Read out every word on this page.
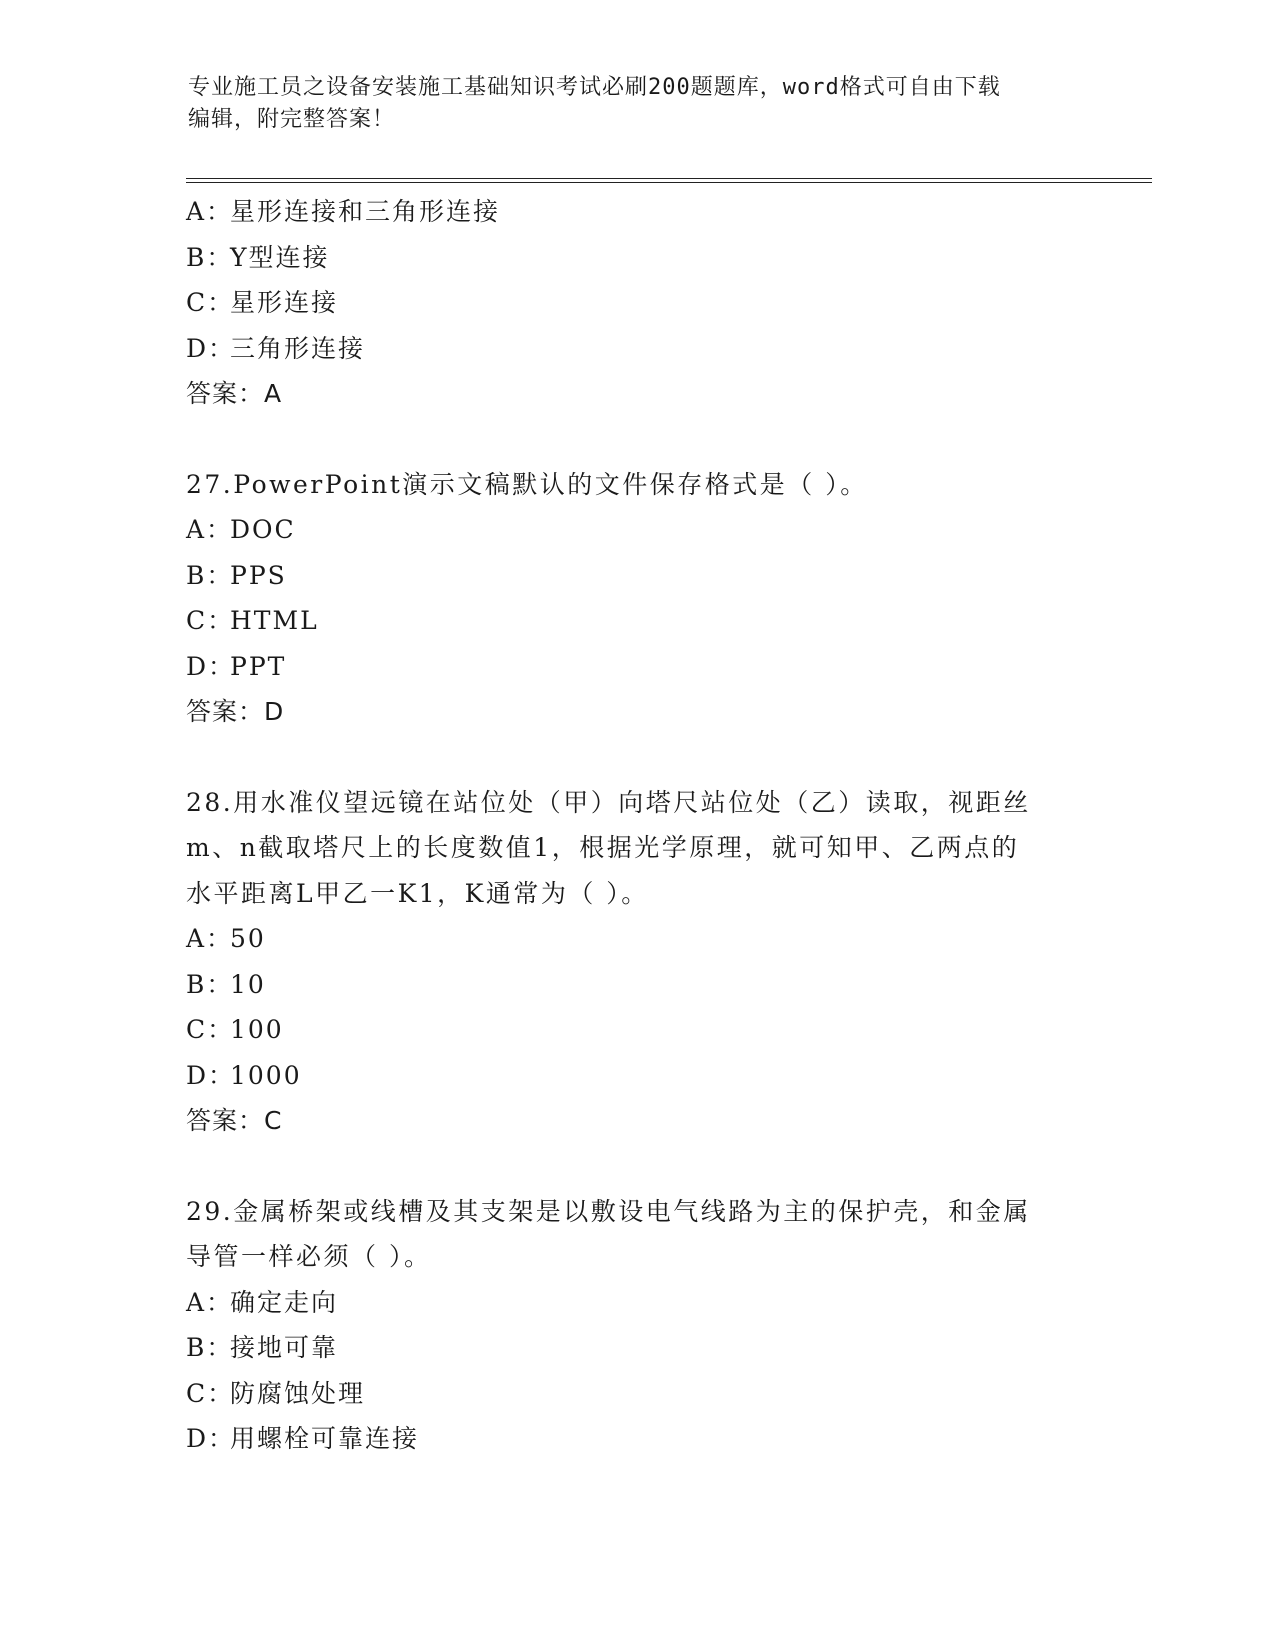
专业施工员之设备安装施工基础知识考试必刷200题题库，word格式可自由下载
编辑，附完整答案！
A：星形连接和三角形连接
B：Y型连接
C：星形连接
D：三角形连接
答案：A
27.PowerPoint演示文稿默认的文件保存格式是（ ）。
A：DOC
B：PPS
C：HTML
D：PPT
答案：D
28.用水准仪望远镜在站位处（甲）向塔尺站位处（乙）读取，视距丝
m、n截取塔尺上的长度数值1，根据光学原理，就可知甲、乙两点的
水平距离L甲乙一K1，K通常为（ ）。
A：50
B：10
C：100
D：1000
答案：C
29.金属桥架或线槽及其支架是以敷设电气线路为主的保护壳，和金属
导管一样必须（ ）。
A：确定走向
B：接地可靠
C：防腐蚀处理
D：用螺栓可靠连接
